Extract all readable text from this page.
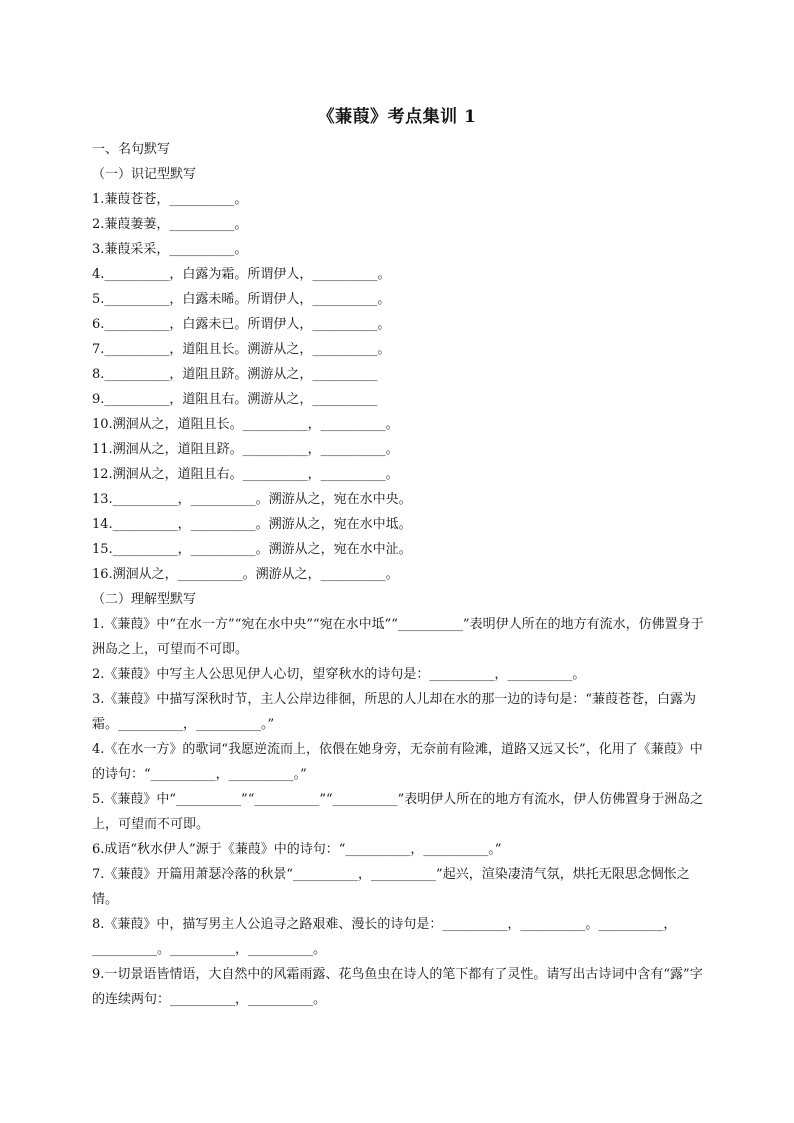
《蒹葭》考点集训 1
一、名句默写
（一）识记型默写
1.蒹葭苍苍，__________。
2.蒹葭萋萋，__________。
3.蒹葭采采，__________。
4.__________，白露为霜。所谓伊人，__________。
5.__________，白露未晞。所谓伊人，__________。
6.__________，白露未已。所谓伊人，__________。
7.__________，道阻且长。溯游从之，__________。
8.__________，道阻且跻。溯游从之，__________
9.__________，道阻且右。溯游从之，__________
10.溯洄从之，道阻且长。__________，__________。
11.溯洄从之，道阻且跻。__________，__________。
12.溯洄从之，道阻且右。__________，__________。
13.__________，__________。溯游从之，宛在水中央。
14.__________，__________。溯游从之，宛在水中坻。
15.__________，__________。溯游从之，宛在水中沚。
16.溯洄从之，__________。溯游从之，__________。
（二）理解型默写
1.《蒹葭》中“在水一方”“宛在水中央”“宛在水中坻”“__________”表明伊人所在的地方有流水，仿佛置身于洲岛之上，可望而不可即。
2.《蒹葭》中写主人公思见伊人心切，望穿秋水的诗句是：__________，__________。
3.《蒹葭》中描写深秋时节，主人公岸边徘徊，所思的人儿却在水的那一边的诗句是：“蒹葭苍苍，白露为霜。__________，__________。”
4.《在水一方》的歌词“我愿逆流而上，依偎在她身旁，无奈前有险滩，道路又远又长”，化用了《蒹葭》中的诗句：“__________，__________。”
5.《蒹葭》中“__________”“__________”“__________”表明伊人所在的地方有流水，伊人仿佛置身于洲岛之上，可望而不可即。
6.成语“秋水伊人”源于《蒹葭》中的诗句：“__________，__________。”
7.《蒹葭》开篇用萧瑟冷落的秋景“__________，__________”起兴，渲染凄清气氛，烘托无限思念惆怅之情。
8.《蒹葭》中，描写男主人公追寻之路艰难、漫长的诗句是：__________，__________。__________，__________。__________，__________。
9.一切景语皆情语，大自然中的风霜雨露、花鸟鱼虫在诗人的笔下都有了灵性。请写出古诗词中含有“露”字的连续两句：__________，__________。
